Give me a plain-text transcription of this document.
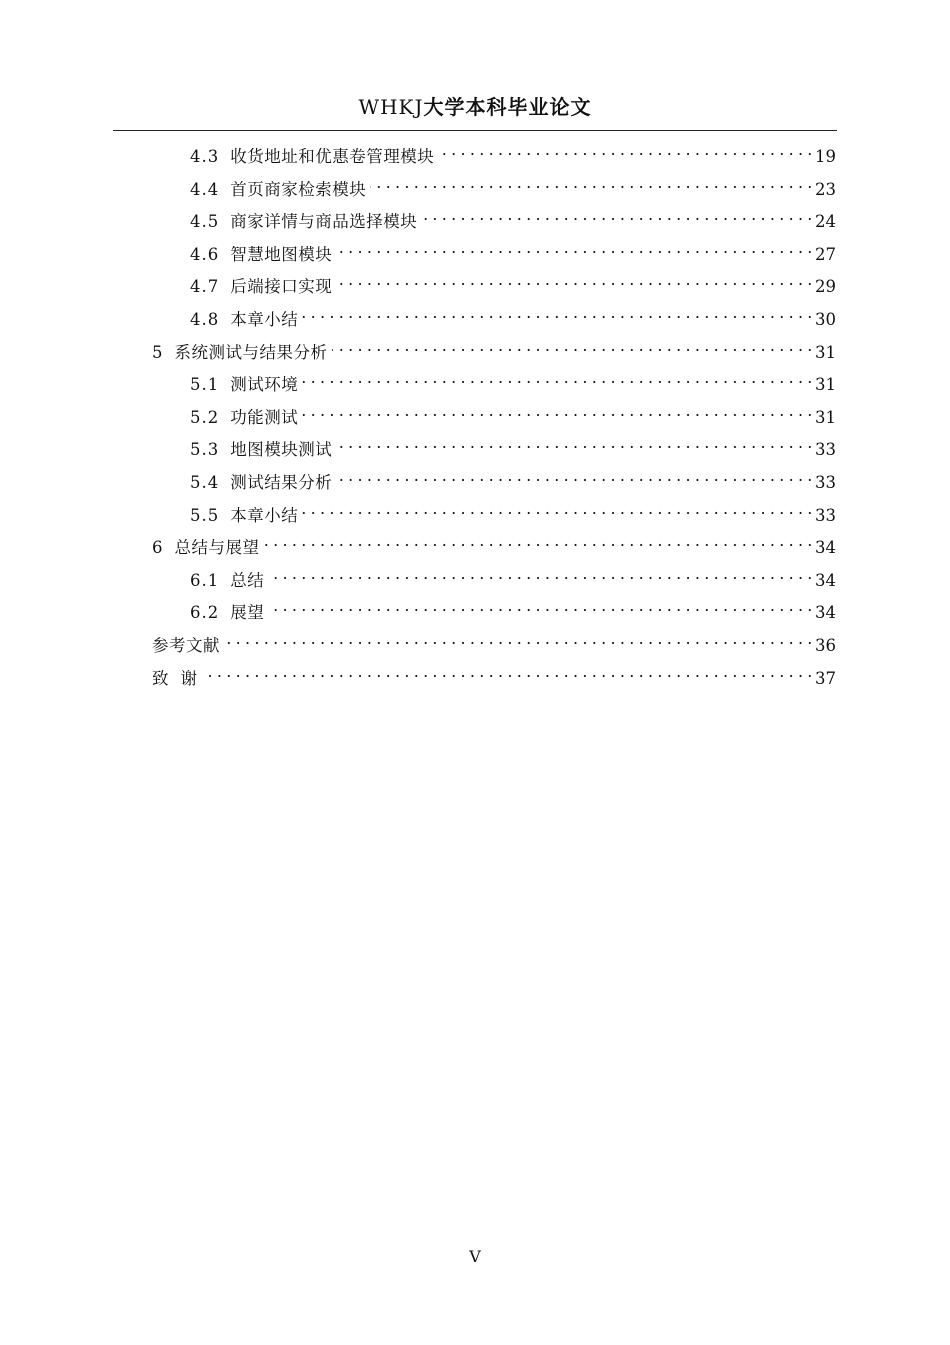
WHKJ大学本科毕业论文
4.3 收货地址和优惠卷管理模块 . . .	19
4.4 首页商家检索模块 . . .	23
4.5 商家详情与商品选择模块 . . .	24
4.6 智慧地图模块 . . .	27
4.7 后端接口实现 . . .	29
4.8 本章小结 . . .	30
5 系统测试与结果分析 . . .	31
5.1 测试环境 . . .	31
5.2 功能测试 . . .	31
5.3 地图模块测试 . . .	33
5.4 测试结果分析 . . .	33
5.5 本章小结 . . .	33
6 总结与展望 . . .	34
6.1 总结 . . .	34
6.2 展望 . . .	34
参考文献 . . .	36
致  谢 . . .	37
V
